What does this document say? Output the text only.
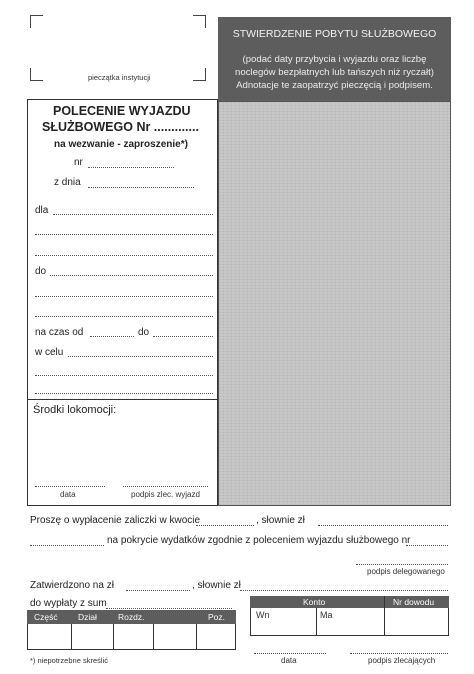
pieczątka instytucji
STWIERDZENIE POBYTU SŁUŻBOWEGO
(podać daty przybycia i wyjazdu oraz liczbę
noclegów bezpłatnych lub tańszych niż ryczałt)
Adnotacje te zaopatrzyć pieczęcią i podpisem.
POLECENIE WYJAZDU
SŁUŻBOWEGO Nr .............
na wezwanie - zaproszenie*)
nr
z dnia
dla
do
na czas od	do
w celu
Środki lokomocji:
data	podpis zlec. wyjazd
Proszę o wypłacenie zaliczki w kwocie	, słownie zł
na pokrycie wydatków zgodnie z poleceniem wyjazdu służbowego nr
podpis delegowanego
Zatwierdzono na zł	, słownie zł
do wypłaty z sum
Część Dział Rozdz.	Poz.
Konto	Nr dowodu
Wn	Ma
*) niepotrzebne skreślić	data	podpis zlecających
